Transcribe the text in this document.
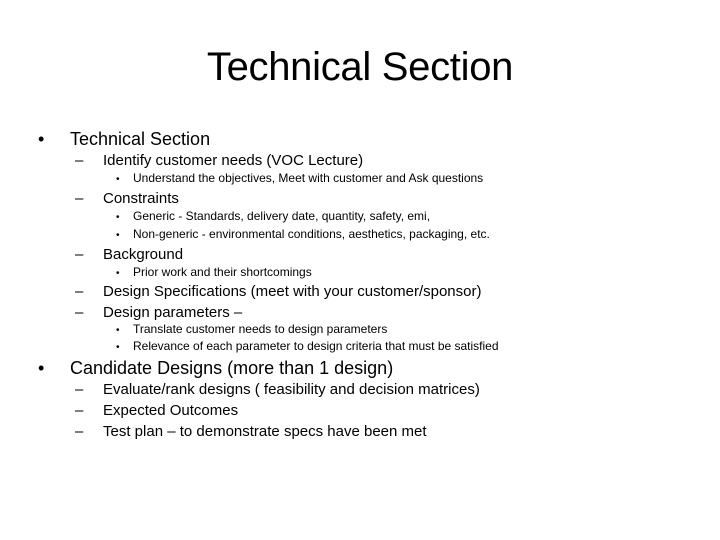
Technical Section
•	Technical Section
–	Identify customer needs (VOC Lecture)
•	Understand the objectives, Meet with customer and Ask questions
–	Constraints
•	Generic - Standards, delivery date, quantity, safety, emi,
•	Non-generic - environmental conditions, aesthetics, packaging, etc.
–	Background
•	Prior work and their shortcomings
–	Design Specifications (meet with your customer/sponsor)
–	Design parameters –
•	Translate customer needs to design parameters
•	Relevance of each parameter to design criteria that must be satisfied
•	Candidate Designs (more than 1 design)
–	Evaluate/rank designs ( feasibility and decision matrices)
–	Expected Outcomes
–	Test plan – to demonstrate specs have been met
